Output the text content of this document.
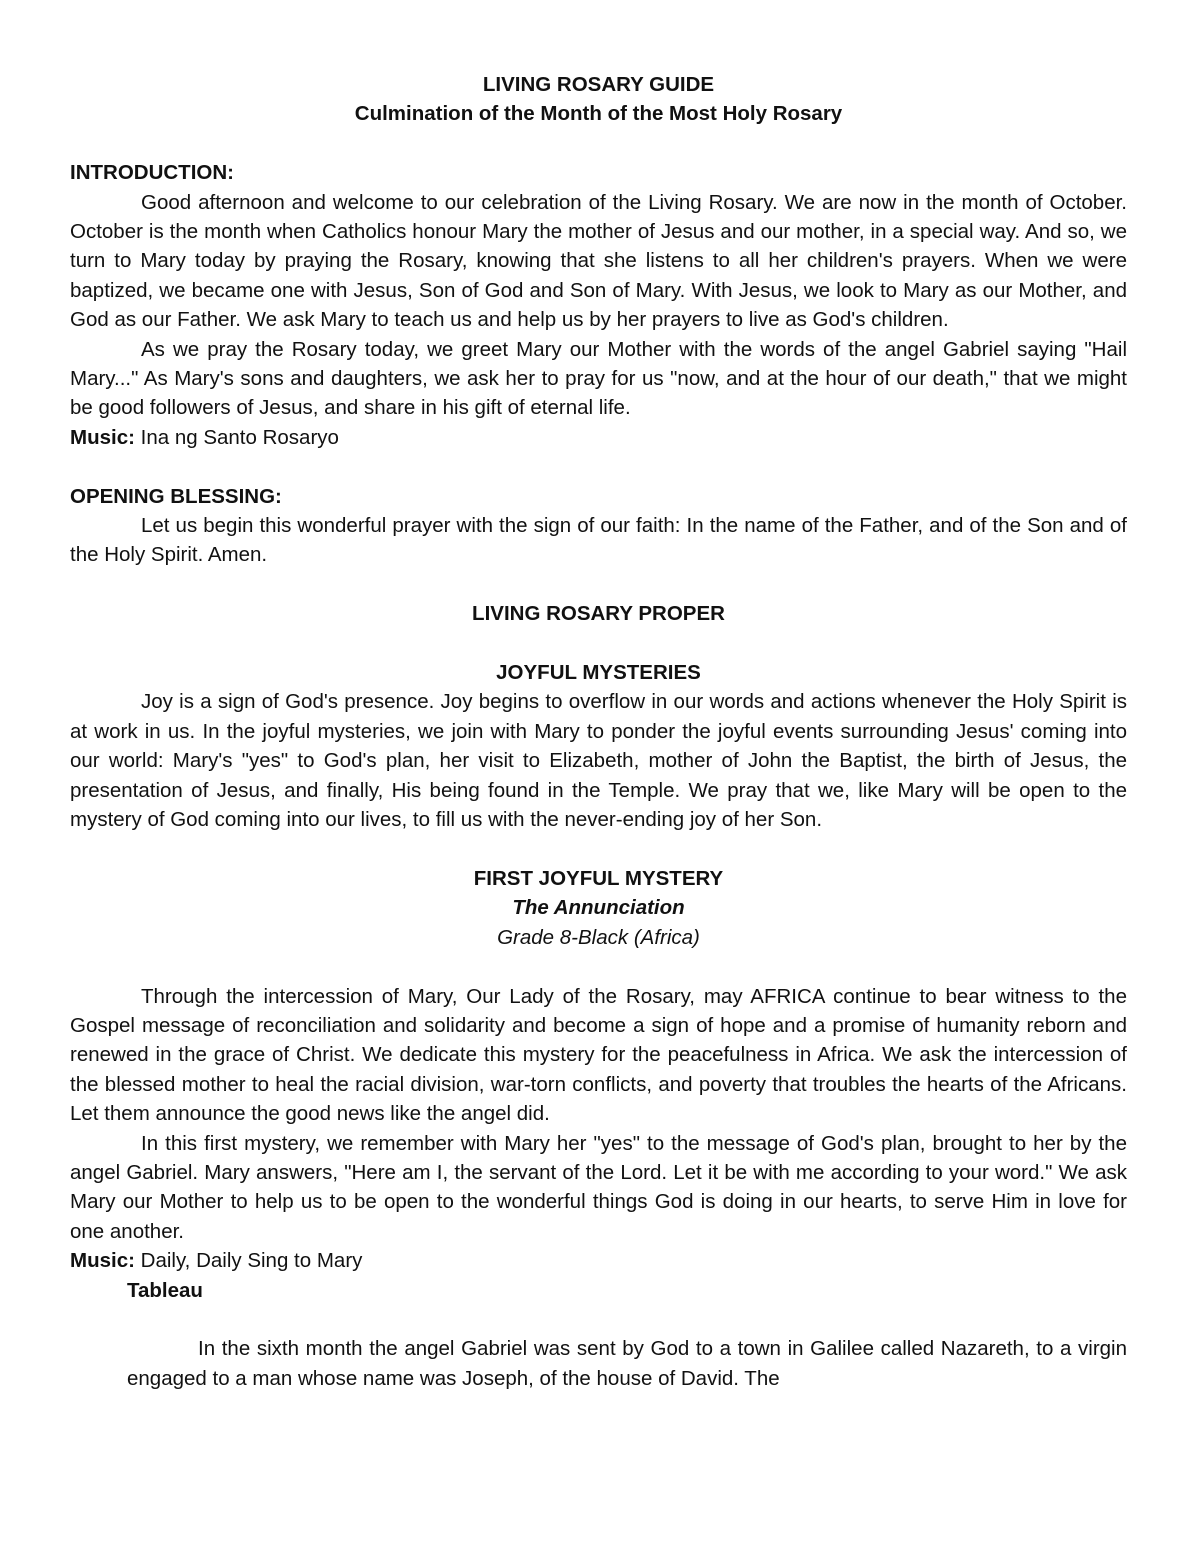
LIVING ROSARY GUIDE
Culmination of the Month of the Most Holy Rosary
INTRODUCTION:

Good afternoon and welcome to our celebration of the Living Rosary. We are now in the month of October. October is the month when Catholics honour Mary the mother of Jesus and our mother, in a special way. And so, we turn to Mary today by praying the Rosary, knowing that she listens to all her children's prayers. When we were baptized, we became one with Jesus, Son of God and Son of Mary. With Jesus, we look to Mary as our Mother, and God as our Father. We ask Mary to teach us and help us by her prayers to live as God's children.

As we pray the Rosary today, we greet Mary our Mother with the words of the angel Gabriel saying "Hail Mary..." As Mary's sons and daughters, we ask her to pray for us "now, and at the hour of our death," that we might be good followers of Jesus, and share in his gift of eternal life.

Music: Ina ng Santo Rosaryo
OPENING BLESSING:

Let us begin this wonderful prayer with the sign of our faith: In the name of the Father, and of the Son and of the Holy Spirit. Amen.

LIVING ROSARY PROPER
JOYFUL MYSTERIES

Joy is a sign of God's presence. Joy begins to overflow in our words and actions whenever the Holy Spirit is at work in us. In the joyful mysteries, we join with Mary to ponder the joyful events surrounding Jesus' coming into our world: Mary's "yes" to God's plan, her visit to Elizabeth, mother of John the Baptist, the birth of Jesus, the presentation of Jesus, and finally, His being found in the Temple. We pray that we, like Mary will be open to the mystery of God coming into our lives, to fill us with the never-ending joy of her Son.

FIRST JOYFUL MYSTERY
The Annunciation
Grade 8-Black (Africa)

Through the intercession of Mary, Our Lady of the Rosary, may AFRICA continue to bear witness to the Gospel message of reconciliation and solidarity and become a sign of hope and a promise of humanity reborn and renewed in the grace of Christ. We dedicate this mystery for the peacefulness in Africa. We ask the intercession of the blessed mother to heal the racial division, war-torn conflicts, and poverty that troubles the hearts of the Africans. Let them announce the good news like the angel did.

In this first mystery, we remember with Mary her "yes" to the message of God's plan, brought to her by the angel Gabriel. Mary answers, "Here am I, the servant of the Lord. Let it be with me according to your word." We ask Mary our Mother to help us to be open to the wonderful things God is doing in our hearts, to serve Him in love for one another.

Music: Daily, Daily Sing to Mary
Tableau

In the sixth month the angel Gabriel was sent by God to a town in Galilee called Nazareth, to a virgin engaged to a man whose name was Joseph, of the house of David. The
